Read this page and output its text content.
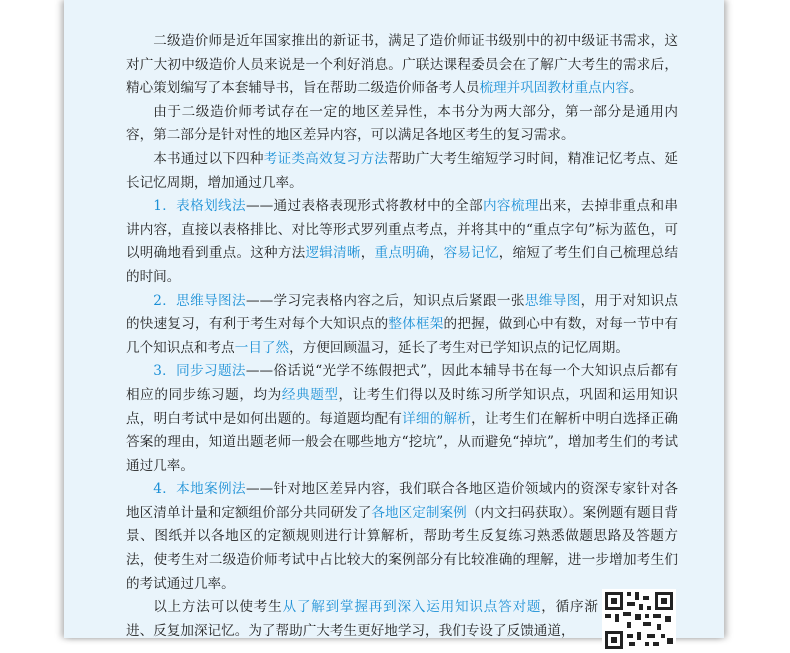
二级造价师是近年国家推出的新证书，满足了造价师证书级别中的初中级证书需求，这对广大初中级造价人员来说是一个利好消息。广联达课程委员会在了解广大考生的需求后，精心策划编写了本套辅导书，旨在帮助二级造价师备考人员梳理并巩固教材重点内容。

由于二级造价师考试存在一定的地区差异性，本书分为两大部分，第一部分是通用内容，第二部分是针对性的地区差异内容，可以满足各地区考生的复习需求。

本书通过以下四种考证类高效复习方法帮助广大考生缩短学习时间，精准记忆考点、延长记忆周期，增加通过几率。

1．表格划线法——通过表格表现形式将教材中的全部内容梳理出来，去掉非重点和串讲内容，直接以表格排比、对比等形式罗列重点考点，并将其中的“重点字句”标为蓝色，可以明确地看到重点。这种方法逻辑清晰，重点明确，容易记忆，缩短了考生们自己梳理总结的时间。

2．思维导图法——学习完表格内容之后，知识点后紧跟一张思维导图，用于对知识点的快速复习，有利于考生对每个大知识点的整体框架的把握，做到心中有数，对每一节中有几个知识点和考点一目了然，方便回顾温习，延长了考生对已学知识点的记忆周期。

3．同步习题法——俗话说“光学不练假把式”，因此本辅导书在每一个大知识点后都有相应的同步练习题，均为经典题型，让考生们得以及时练习所学知识点，巩固和运用知识点，明白考试中是如何出题的。每道题均配有详细的解析，让考生们在解析中明白选择正确答案的理由，知道出题老师一般会在哪些地方“挖坑”，从而避免“掉坑”，增加考生们的考试通过几率。

4．本地案例法——针对地区差异内容，我们联合各地区造价领域内的资深专家针对各地区清单计量和定额组价部分共同研发了各地区定制案例（内文扫码获取）。案例题有题目背景、图纸并以各地区的定额规则进行计算解析，帮助考生反复练习熟悉做题思路及答题方法，使考生对二级造价师考试中占比较大的案例部分有比较准确的理解，进一步增加考生们的考试通过几率。

以上方法可以使考生从了解到掌握再到深入运用知识点答对题，循序渐进、反复加深记忆。为了帮助广大考生更好地学习，我们专设了反馈通道，
